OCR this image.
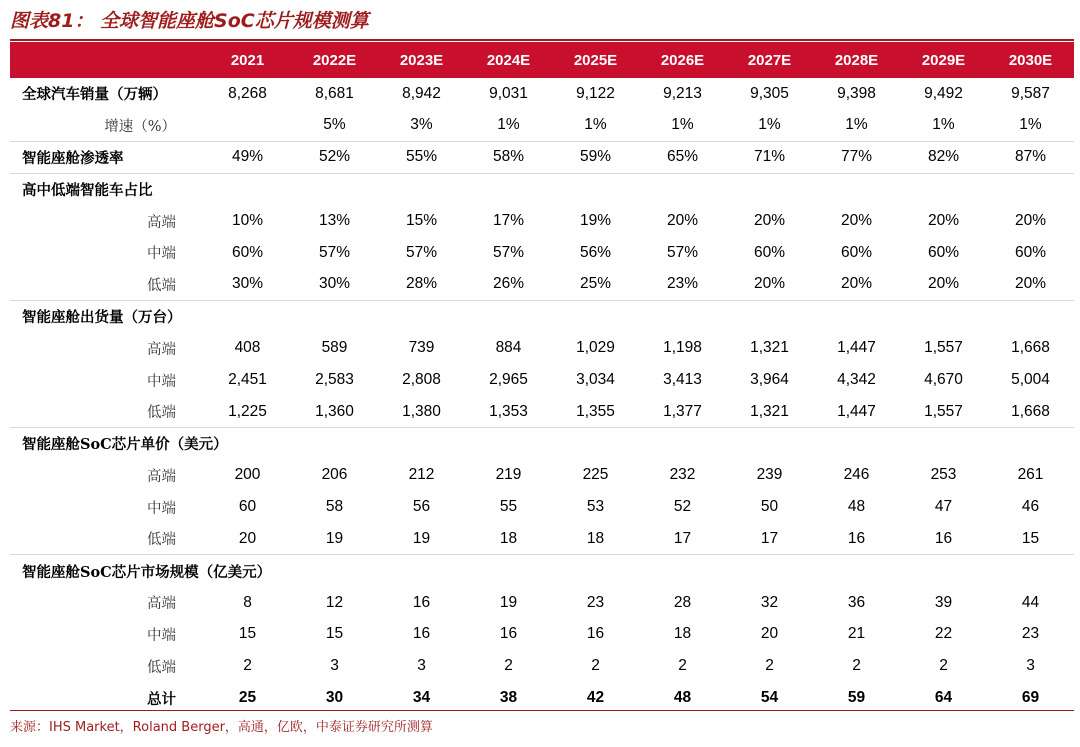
图表81： 全球智能座舱SoC芯片规模测算
	2021	2022E	2023E	2024E	2025E	2026E	2027E	2028E	2029E	2030E
全球汽车销量（万辆）	8,268	8,681	8,942	9,031	9,122	9,213	9,305	9,398	9,492	9,587
增速（%）		5%	3%	1%	1%	1%	1%	1%	1%	1%
智能座舱渗透率	49%	52%	55%	58%	59%	65%	71%	77%	82%	87%
高中低端智能车占比										
高端	10%	13%	15%	17%	19%	20%	20%	20%	20%	20%
中端	60%	57%	57%	57%	56%	57%	60%	60%	60%	60%
低端	30%	30%	28%	26%	25%	23%	20%	20%	20%	20%
智能座舱出货量（万台）										
高端	408	589	739	884	1,029	1,198	1,321	1,447	1,557	1,668
中端	2,451	2,583	2,808	2,965	3,034	3,413	3,964	4,342	4,670	5,004
低端	1,225	1,360	1,380	1,353	1,355	1,377	1,321	1,447	1,557	1,668
智能座舱SoC芯片单价（美元）										
高端	200	206	212	219	225	232	239	246	253	261
中端	60	58	56	55	53	52	50	48	47	46
低端	20	19	19	18	18	17	17	16	16	15
智能座舱SoC芯片市场规模（亿美元）										
高端	8	12	16	19	23	28	32	36	39	44
中端	15	15	16	16	16	18	20	21	22	23
低端	2	3	3	2	2	2	2	2	2	3
总计	25	30	34	38	42	48	54	59	64	69
来源：IHS Market，Roland Berger，高通，亿欧，中泰证券研究所测算
